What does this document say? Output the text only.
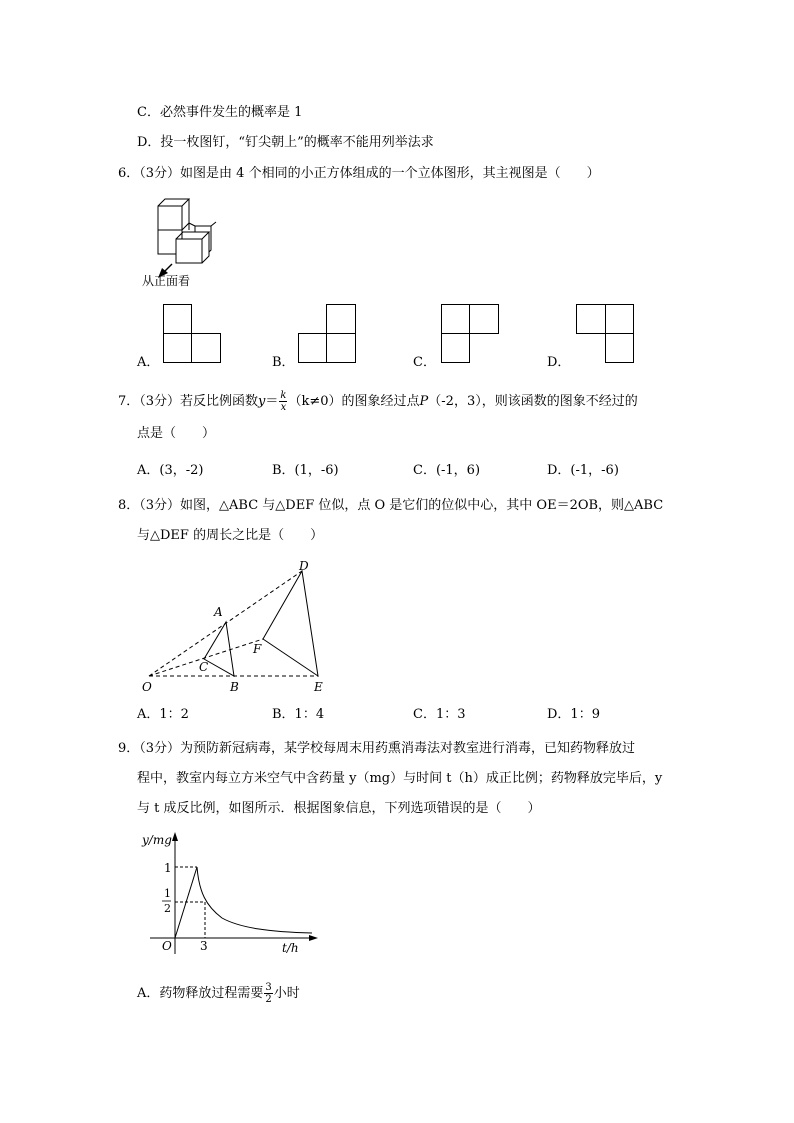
C．必然事件发生的概率是 1
D．投一枚图钉，“钉尖朝上”的概率不能用列举法求
6．（3分）如图是由 4 个相同的小正方体组成的一个立体图形，其主视图是（　　）
从正面看
A．	B．	C．	D．
7．（3分）若反比例函数$y= \frac{k}{x} (k\ne 0)$的图象经过点P（-2，3），则该函数的图象不经过的
点是（　　）
A．(3，-2)	B．(1，-6)	C．(-1，6)	D．(-1，-6)
8．（3分）如图，△ABC 与△DEF 位似，点 O 是它们的位似中心，其中 OE＝2OB，则△ABC
与△DEF 的周长之比是（　　）
D
A
F
C
O	B	E
A．1：2	B．1：4	C．1：3	D．1：9
9．（3分）为预防新冠病毒，某学校每周末用药熏消毒法对教室进行消毒，已知药物释放过
程中，教室内每立方米空气中含药量 y（mg）与时间 t（h）成正比例；药物释放完毕后，y
与 t 成反比例，如图所示．根据图象信息，下列选项错误的是（　　）
y/mg
t/h
1
1
2
3
O
A．药物释放过程需要 $\frac{3}{2}$ 小时
